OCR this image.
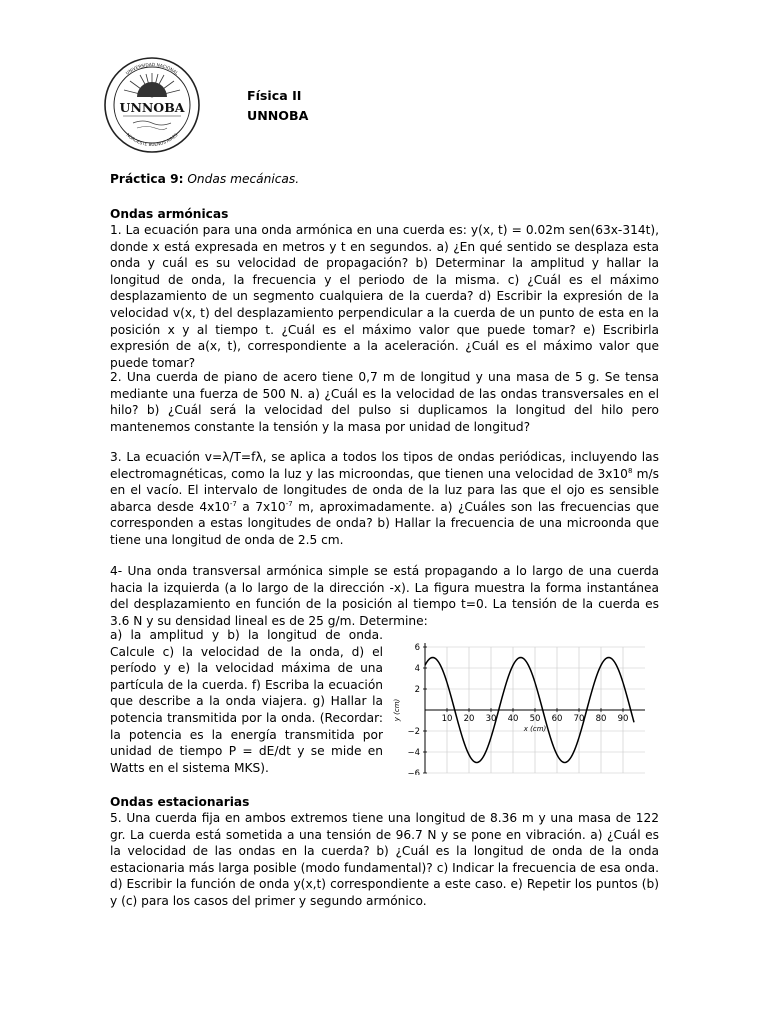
UNNOBA
UNIVERSIDAD NACIONAL
NOROESTE BUENOS AIRES
Física II
UNNOBA
Práctica 9: Ondas mecánicas.
Ondas armónicas
1. La ecuación para una onda armónica en una cuerda es: y(x, t) = 0.02m sen(63x-314t), donde x está expresada en metros y t en segundos. a) ¿En qué sentido se desplaza esta onda y cuál es su velocidad de propagación? b) Determinar la amplitud y hallar la longitud de onda, la frecuencia y el periodo de la misma. c) ¿Cuál es el máximo desplazamiento de un segmento cualquiera de la cuerda? d) Escribir la expresión de la velocidad v(x, t) del desplazamiento perpendicular a la cuerda de un punto de esta en la posición x y al tiempo t. ¿Cuál es el máximo valor que puede tomar? e) Escribirla expresión de a(x, t), correspondiente a la aceleración. ¿Cuál es el máximo valor que puede tomar?
2. Una cuerda de piano de acero tiene 0,7 m de longitud y una masa de 5 g. Se tensa mediante una fuerza de 500 N. a) ¿Cuál es la velocidad de las ondas transversales en el hilo? b) ¿Cuál será la velocidad del pulso si duplicamos la longitud del hilo pero mantenemos constante la tensión y la masa por unidad de longitud?
3. La ecuación v=λ/T=fλ, se aplica a todos los tipos de ondas periódicas, incluyendo las electromagnéticas, como la luz y las microondas, que tienen una velocidad de $3x10^8$ m/s en el vacío. El intervalo de longitudes de onda de la luz para las que el ojo es sensible abarca desde $4x10^{-7}$ a $7x10^{-7}$ m, aproximadamente. a) ¿Cuáles son las frecuencias que corresponden a estas longitudes de onda? b) Hallar la frecuencia de una microonda que tiene una longitud de onda de 2.5 cm.
4- Una onda transversal armónica simple se está propagando a lo largo de una cuerda hacia la izquierda (a lo largo de la dirección -x). La figura muestra la forma instantánea del desplazamiento en función de la posición al tiempo t=0. La tensión de la cuerda es 3.6 N y su densidad lineal es de 25 g/m. Determine:
a) la amplitud y b) la longitud de onda. Calcule c) la velocidad de la onda, d) el período y e) la velocidad máxima de una partícula de la cuerda. f) Escriba la ecuación que describe a la onda viajera. g) Hallar la potencia transmitida por la onda. (Recordar: la potencia es la energía transmitida por unidad de tiempo P = dE/dt y se mide en Watts en el sistema MKS).
10 20 30 40 50 60 70 80 90
6
4
2
−2
−4
−6
x (cm)
y (cm)
Ondas estacionarias
5. Una cuerda fija en ambos extremos tiene una longitud de 8.36 m y una masa de 122 gr. La cuerda está sometida a una tensión de 96.7 N y se pone en vibración. a) ¿Cuál es la velocidad de las ondas en la cuerda? b) ¿Cuál es la longitud de onda de la onda estacionaria más larga posible (modo fundamental)? c) Indicar la frecuencia de esa onda. d) Escribir la función de onda y(x,t) correspondiente a este caso. e) Repetir los puntos (b) y (c) para los casos del primer y segundo armónico.
